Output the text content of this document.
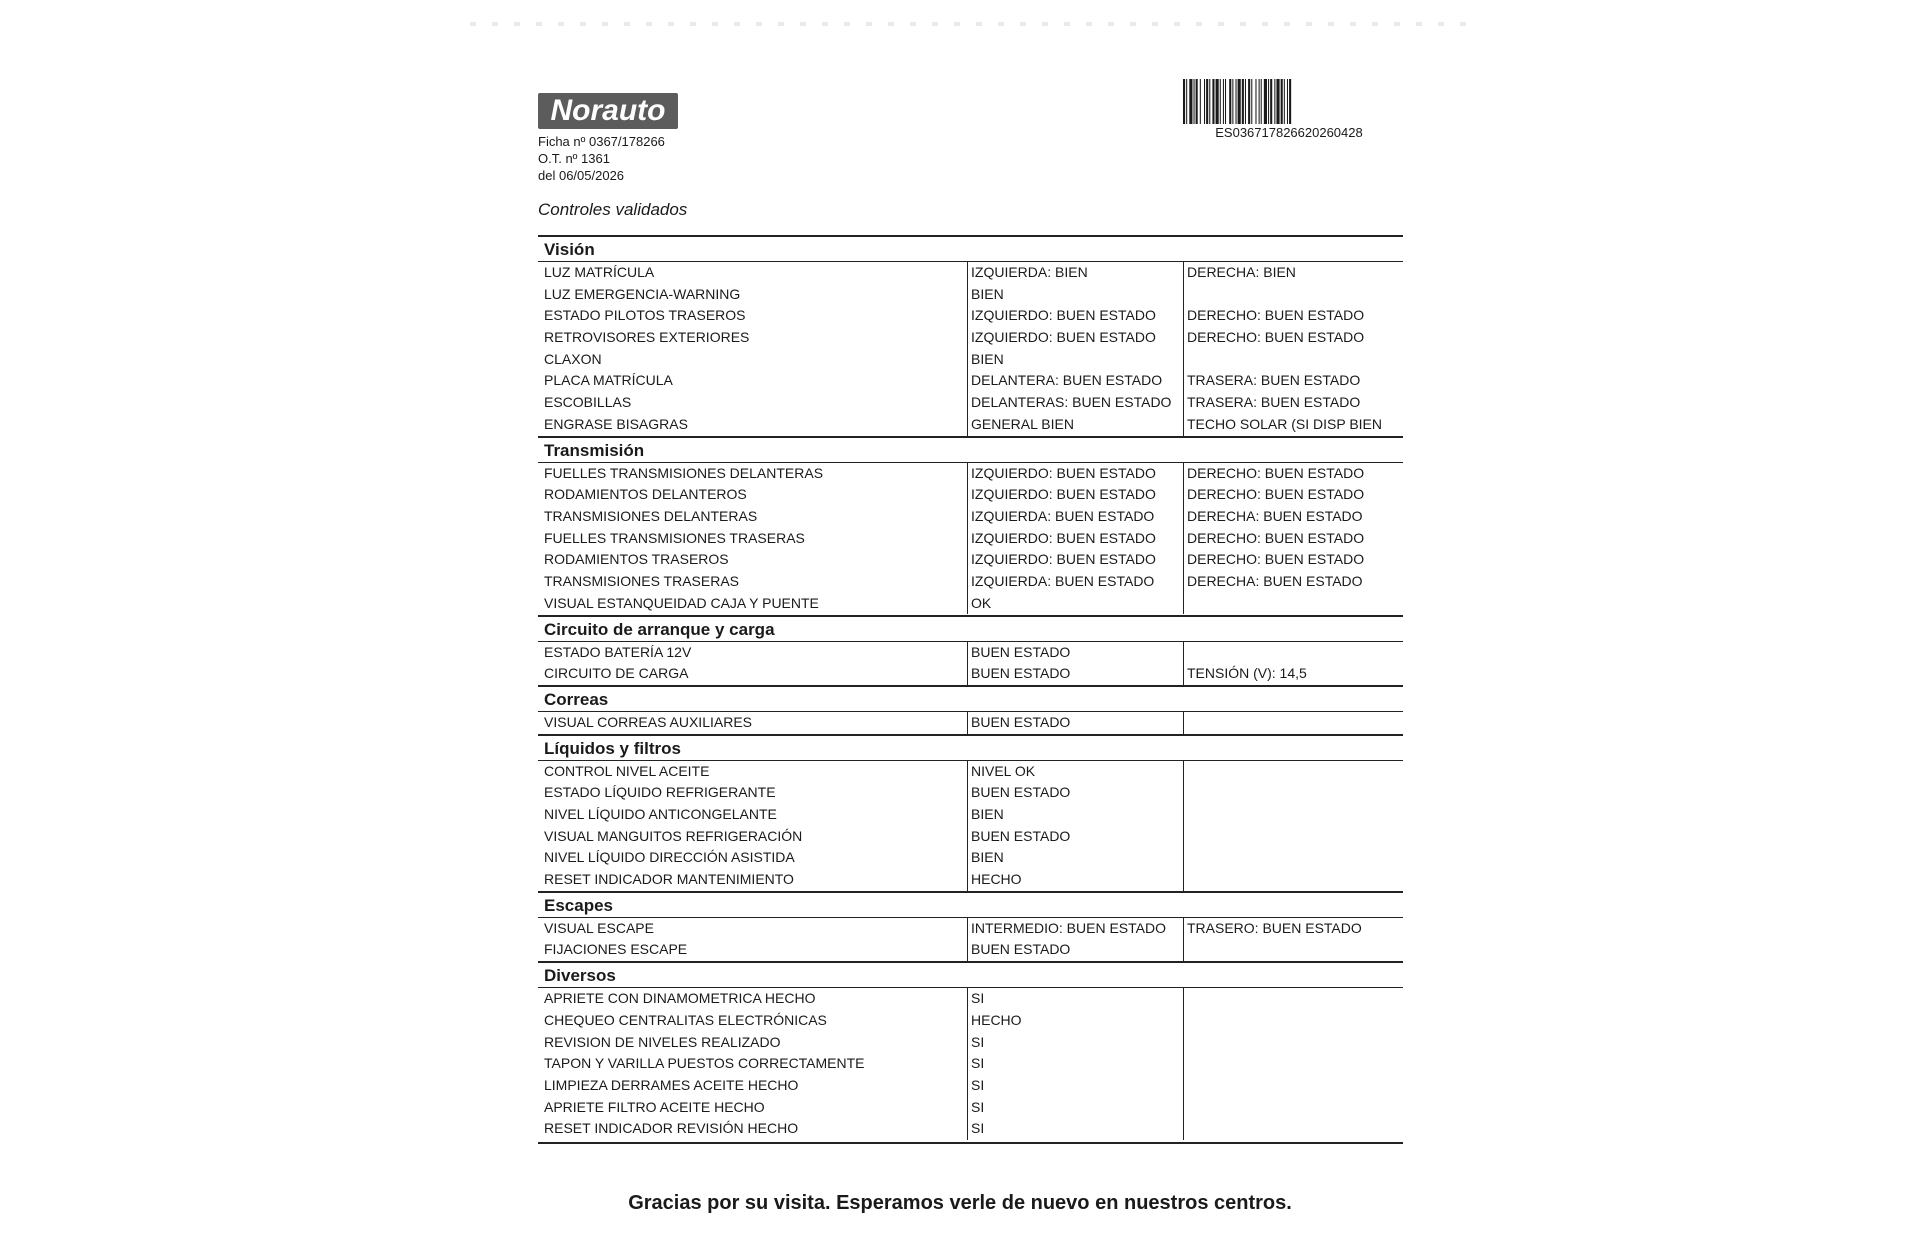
Norauto
Ficha nº 0367/178266
O.T. nº 1361
del 06/05/2026
ES036717826620260428
Controles validados
Visión
LUZ MATRÍCULA	IZQUIERDA: BIEN	DERECHA: BIEN
LUZ EMERGENCIA-WARNING	BIEN
ESTADO PILOTOS TRASEROS	IZQUIERDO: BUEN ESTADO DERECHO: BUEN ESTADO
RETROVISORES EXTERIORES	IZQUIERDO: BUEN ESTADO DERECHO: BUEN ESTADO
CLAXON	BIEN
PLACA MATRÍCULA	DELANTERA: BUEN ESTADO TRASERA: BUEN ESTADO
ESCOBILLAS	DELANTERAS: BUEN ESTADO TRASERA: BUEN ESTADO
ENGRASE BISAGRAS	GENERAL BIEN	TECHO SOLAR (SI DISP BIEN
Transmisión
FUELLES TRANSMISIONES DELANTERAS	IZQUIERDO: BUEN ESTADO DERECHO: BUEN ESTADO
RODAMIENTOS DELANTEROS	IZQUIERDO: BUEN ESTADO DERECHO: BUEN ESTADO
TRANSMISIONES DELANTERAS	IZQUIERDA: BUEN ESTADO DERECHA: BUEN ESTADO
FUELLES TRANSMISIONES TRASERAS	IZQUIERDO: BUEN ESTADO DERECHO: BUEN ESTADO
RODAMIENTOS TRASEROS	IZQUIERDO: BUEN ESTADO DERECHO: BUEN ESTADO
TRANSMISIONES TRASERAS	IZQUIERDA: BUEN ESTADO DERECHA: BUEN ESTADO
VISUAL ESTANQUEIDAD CAJA Y PUENTE	OK
Circuito de arranque y carga
ESTADO BATERÍA 12V	BUEN ESTADO
CIRCUITO DE CARGA	BUEN ESTADO	TENSIÓN (V): 14,5
Correas
VISUAL CORREAS AUXILIARES	BUEN ESTADO
Líquidos y filtros
CONTROL NIVEL ACEITE	NIVEL OK
ESTADO LÍQUIDO REFRIGERANTE	BUEN ESTADO
NIVEL LÍQUIDO ANTICONGELANTE	BIEN
VISUAL MANGUITOS REFRIGERACIÓN	BUEN ESTADO
NIVEL LÍQUIDO DIRECCIÓN ASISTIDA	BIEN
RESET INDICADOR MANTENIMIENTO	HECHO
Escapes
VISUAL ESCAPE	INTERMEDIO: BUEN ESTADO TRASERO: BUEN ESTADO
FIJACIONES ESCAPE	BUEN ESTADO
Diversos
APRIETE CON DINAMOMETRICA HECHO	SI
CHEQUEO CENTRALITAS ELECTRÓNICAS	HECHO
REVISION DE NIVELES REALIZADO	SI
TAPON Y VARILLA PUESTOS CORRECTAMENTE	SI
LIMPIEZA DERRAMES ACEITE HECHO	SI
APRIETE FILTRO ACEITE HECHO	SI
RESET INDICADOR REVISIÓN HECHO	SI
Gracias por su visita. Esperamos verle de nuevo en nuestros centros.
